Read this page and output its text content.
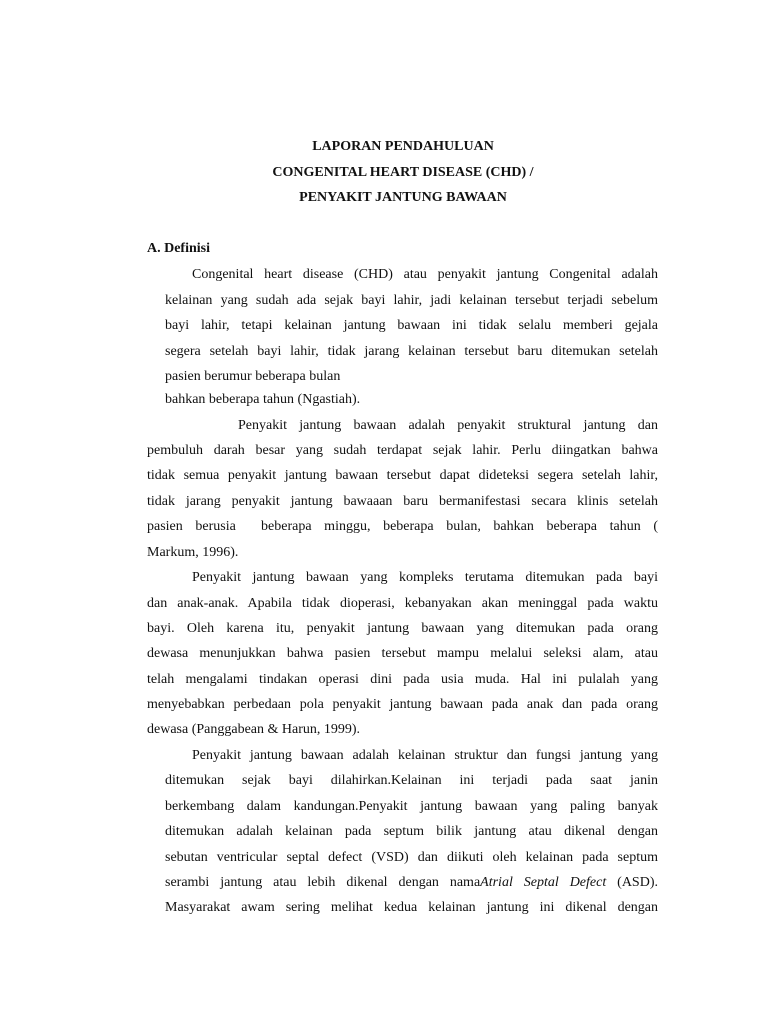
LAPORAN PENDAHULUAN

CONGENITAL HEART DISEASE (CHD) /

PENYAKIT JANTUNG BAWAAN

A. Definisi

Congenital heart disease (CHD) atau penyakit jantung Congenital adalah

kelainan yang sudah ada sejak bayi lahir, jadi kelainan tersebut terjadi sebelum

bayi lahir, tetapi kelainan jantung bawaan ini tidak selalu memberi gejala

segera setelah bayi lahir, tidak jarang kelainan tersebut baru ditemukan setelah

pasien berumur beberapa bulan

bahkan beberapa tahun (Ngastiah).

Penyakit jantung bawaan adalah penyakit struktural jantung dan

pembuluh darah besar yang sudah terdapat sejak lahir. Perlu diingatkan bahwa

tidak semua penyakit jantung bawaan tersebut dapat dideteksi segera setelah lahir,

tidak jarang penyakit jantung bawaaan baru bermanifestasi secara klinis setelah

pasien berusia  beberapa minggu, beberapa bulan, bahkan beberapa tahun (

Markum, 1996).

Penyakit jantung bawaan yang kompleks terutama ditemukan pada bayi

dan anak-anak. Apabila tidak dioperasi, kebanyakan akan meninggal pada waktu

bayi. Oleh karena itu, penyakit jantung bawaan yang ditemukan pada orang

dewasa menunjukkan bahwa pasien tersebut mampu melalui seleksi alam, atau

telah mengalami tindakan operasi dini pada usia muda. Hal ini pulalah yang

menyebabkan perbedaan pola penyakit jantung bawaan pada anak dan pada orang

dewasa (Panggabean & Harun, 1999).

Penyakit jantung bawaan adalah kelainan struktur dan fungsi jantung yang

ditemukan sejak bayi dilahirkan.Kelainan ini terjadi pada saat janin

berkembang dalam kandungan.Penyakit jantung bawaan yang paling banyak

ditemukan adalah kelainan pada septum bilik jantung atau dikenal dengan

sebutan ventricular septal defect (VSD) dan diikuti oleh kelainan pada septum

serambi jantung atau lebih dikenal dengan namaAtrial Septal Defect (ASD).

Masyarakat awam sering melihat kedua kelainan jantung ini dikenal dengan
